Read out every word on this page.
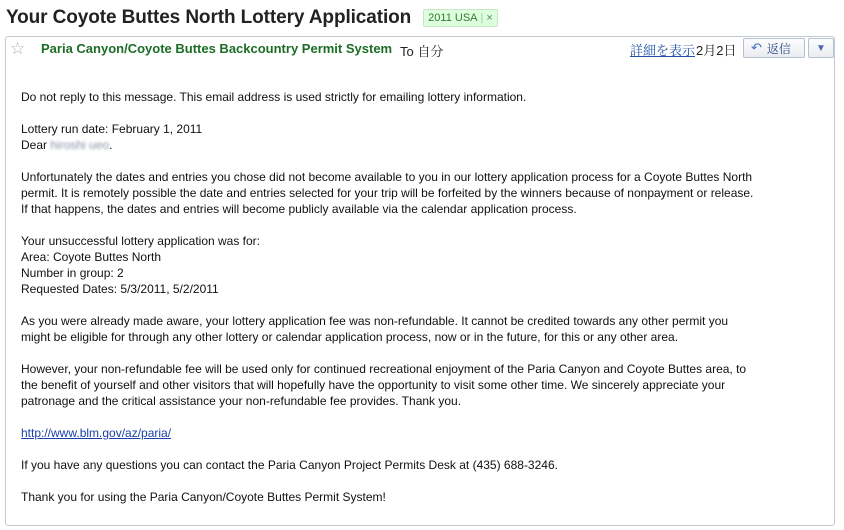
Your Coyote Buttes North Lottery Application 2011 USA | ×
☆ Paria Canyon/Coyote Buttes Backcountry Permit System To 自分	詳細を表示 2月2日 ↶ 返信	▼

Do not reply to this message. This email address is used strictly for emailing lottery information.

Lottery run date: February 1, 2011

Dear hiroshi ueo.

Unfortunately the dates and entries you chose did not become available to you in our lottery application process for a Coyote Buttes North
permit. It is remotely possible the date and entries selected for your trip will be forfeited by the winners because of nonpayment or release.
If that happens, the dates and entries will become publicly available via the calendar application process.

Your unsuccessful lottery application was for:

Area: Coyote Buttes North

Number in group: 2

Requested Dates: 5/3/2011, 5/2/2011

As you were already made aware, your lottery application fee was non-refundable. It cannot be credited towards any other permit you
might be eligible for through any other lottery or calendar application process, now or in the future, for this or any other area.

However, your non-refundable fee will be used only for continued recreational enjoyment of the Paria Canyon and Coyote Buttes area, to
the benefit of yourself and other visitors that will hopefully have the opportunity to visit some other time. We sincerely appreciate your
patronage and the critical assistance your non-refundable fee provides. Thank you.

http://www.blm.gov/az/paria/

If you have any questions you can contact the Paria Canyon Project Permits Desk at (435) 688-3246.

Thank you for using the Paria Canyon/Coyote Buttes Permit System!
